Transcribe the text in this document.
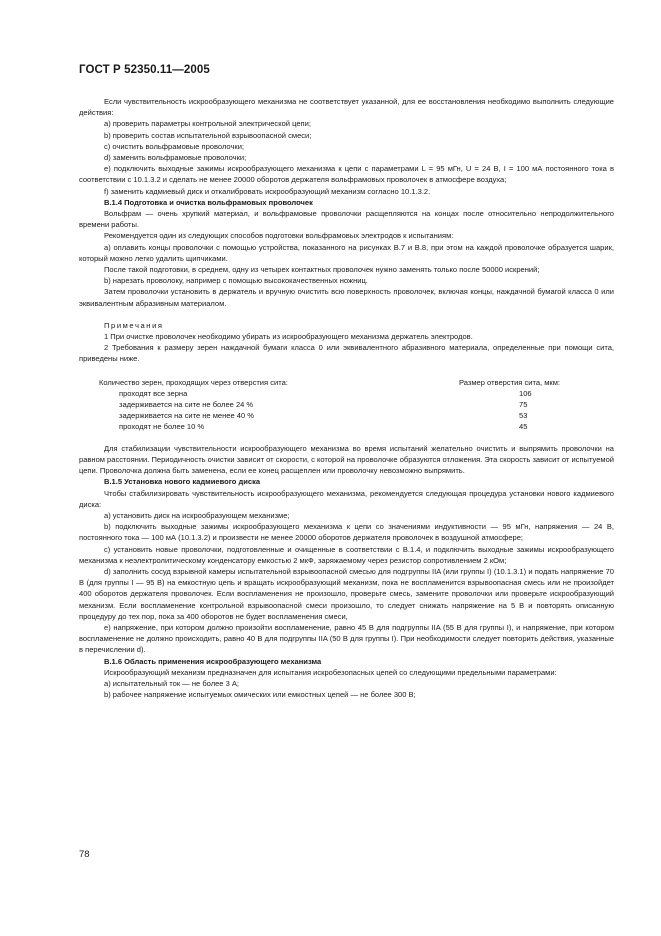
ГОСТ Р 52350.11—2005

Если чувствительность искрообразующего механизма не соответствует указанной, для ее восстановления необходимо выполнить следующие действия:

а) проверить параметры контрольной электрической цепи;

b) проверить состав испытательной взрывоопасной смеси;

c) очистить вольфрамовые проволочки;

d) заменить вольфрамовые проволочки;

e) подключить выходные зажимы искрообразующего механизма к цепи с параметрами L = 95 мГн, U = 24 В, I = 100 мА постоянного тока в соответствии с 10.1.3.2 и сделать не менее 20000 оборотов держателя вольфрамовых проволочек в атмосфере воздуха;

f) заменить кадмиевый диск и откалибровать искрообразующий механизм согласно 10.1.3.2.

В.1.4 Подготовка и очистка вольфрамовых проволочек

Вольфрам — очень хрупкий материал, и вольфрамовые проволочки расщепляются на концах после относительно непродолжительного времени работы.

Рекомендуется один из следующих способов подготовки вольфрамовых электродов к испытаниям:

а) оплавить концы проволочки с помощью устройства, показанного на рисунках В.7 и В.8, при этом на каждой проволочке образуется шарик, который можно легко удалить щипчиками.

После такой подготовки, в среднем, одну из четырех контактных проволочек нужно заменять только после 50000 искрений;

b) нарезать проволоку, например с помощью высококачественных ножниц.

Затем проволочки установить в держатель и вручную очистить всю поверхность проволочек, включая концы, наждачной бумагой класса 0 или эквивалентным абразивным материалом.

Примечания

1 При очистке проволочек необходимо убирать из искрообразующего механизма держатель электродов.

2 Требования к размеру зерен наждачной бумаги класса 0 или эквивалентного абразивного материала, определенные при помощи сита, приведены ниже.

Количество зерен, проходящих через отверстия сита:	Размер отверстия сита, мкм:
проходят все зерна	106
задерживается на сите не более 24 %	75
задерживается на сите не менее 40 %	53
проходят не более 10 %	45

Для стабилизации чувствительности искрообразующего механизма во время испытаний желательно очистить и выпрямить проволочки на равном расстоянии. Периодичность очистки зависит от скорости, с которой на проволочке образуются отложения. Эта скорость зависит от испытуемой цепи. Проволочка должна быть заменена, если ее конец расщеплен или проволочку невозможно выпрямить.

В.1.5 Установка нового кадмиевого диска

Чтобы стабилизировать чувствительность искрообразующего механизма, рекомендуется следующая процедура установки нового кадмиевого диска:

а) установить диск на искрообразующем механизме;

b) подключить выходные зажимы искрообразующего механизма к цепи со значениями индуктивности — 95 мГн, напряжения — 24 В, постоянного тока — 100 мА (10.1.3.2) и произвести не менее 20000 оборотов держателя проволочек в воздушной атмосфере;

c) установить новые проволочки, подготовленные и очищенные в соответствии с В.1.4, и подключить выходные зажимы искрообразующего механизма к неэлектролитическому конденсатору емкостью 2 мкФ, заряжаемому через резистор сопротивлением 2 кОм;

d) заполнить сосуд взрывной камеры испытательной взрывоопасной смесью для подгруппы IIA (или группы I) (10.1.3.1) и подать напряжение 70 В (для группы I — 95 В) на емкостную цепь и вращать искрообразующий механизм, пока не воспламенится взрывоопасная смесь или не произойдет 400 оборотов держателя проволочек. Если воспламенения не произошло, проверьте смесь, замените проволочки или проверьте искрообразующий механизм. Если воспламенение контрольной взрывоопасной смеси произошло, то следует снижать напряжение на 5 В и повторять описанную процедуру до тех пор, пока за 400 оборотов не будет воспламенения смеси,

e) напряжение, при котором должно произойти воспламенение, равно 45 В для подгруппы IIA (55 В для группы I), и напряжение, при котором воспламенение не должно происходить, равно 40 В для подгруппы IIA (50 В для группы I). При необходимости следует повторить действия, указанные в перечислении d).

В.1.6 Область применения искрообразующего механизма

Искрообразующий механизм предназначен для испытания искробезопасных цепей со следующими предельными параметрами:

а) испытательный ток — не более 3 А;

b) рабочее напряжение испытуемых омических или емкостных цепей — не более 300 В;

78
